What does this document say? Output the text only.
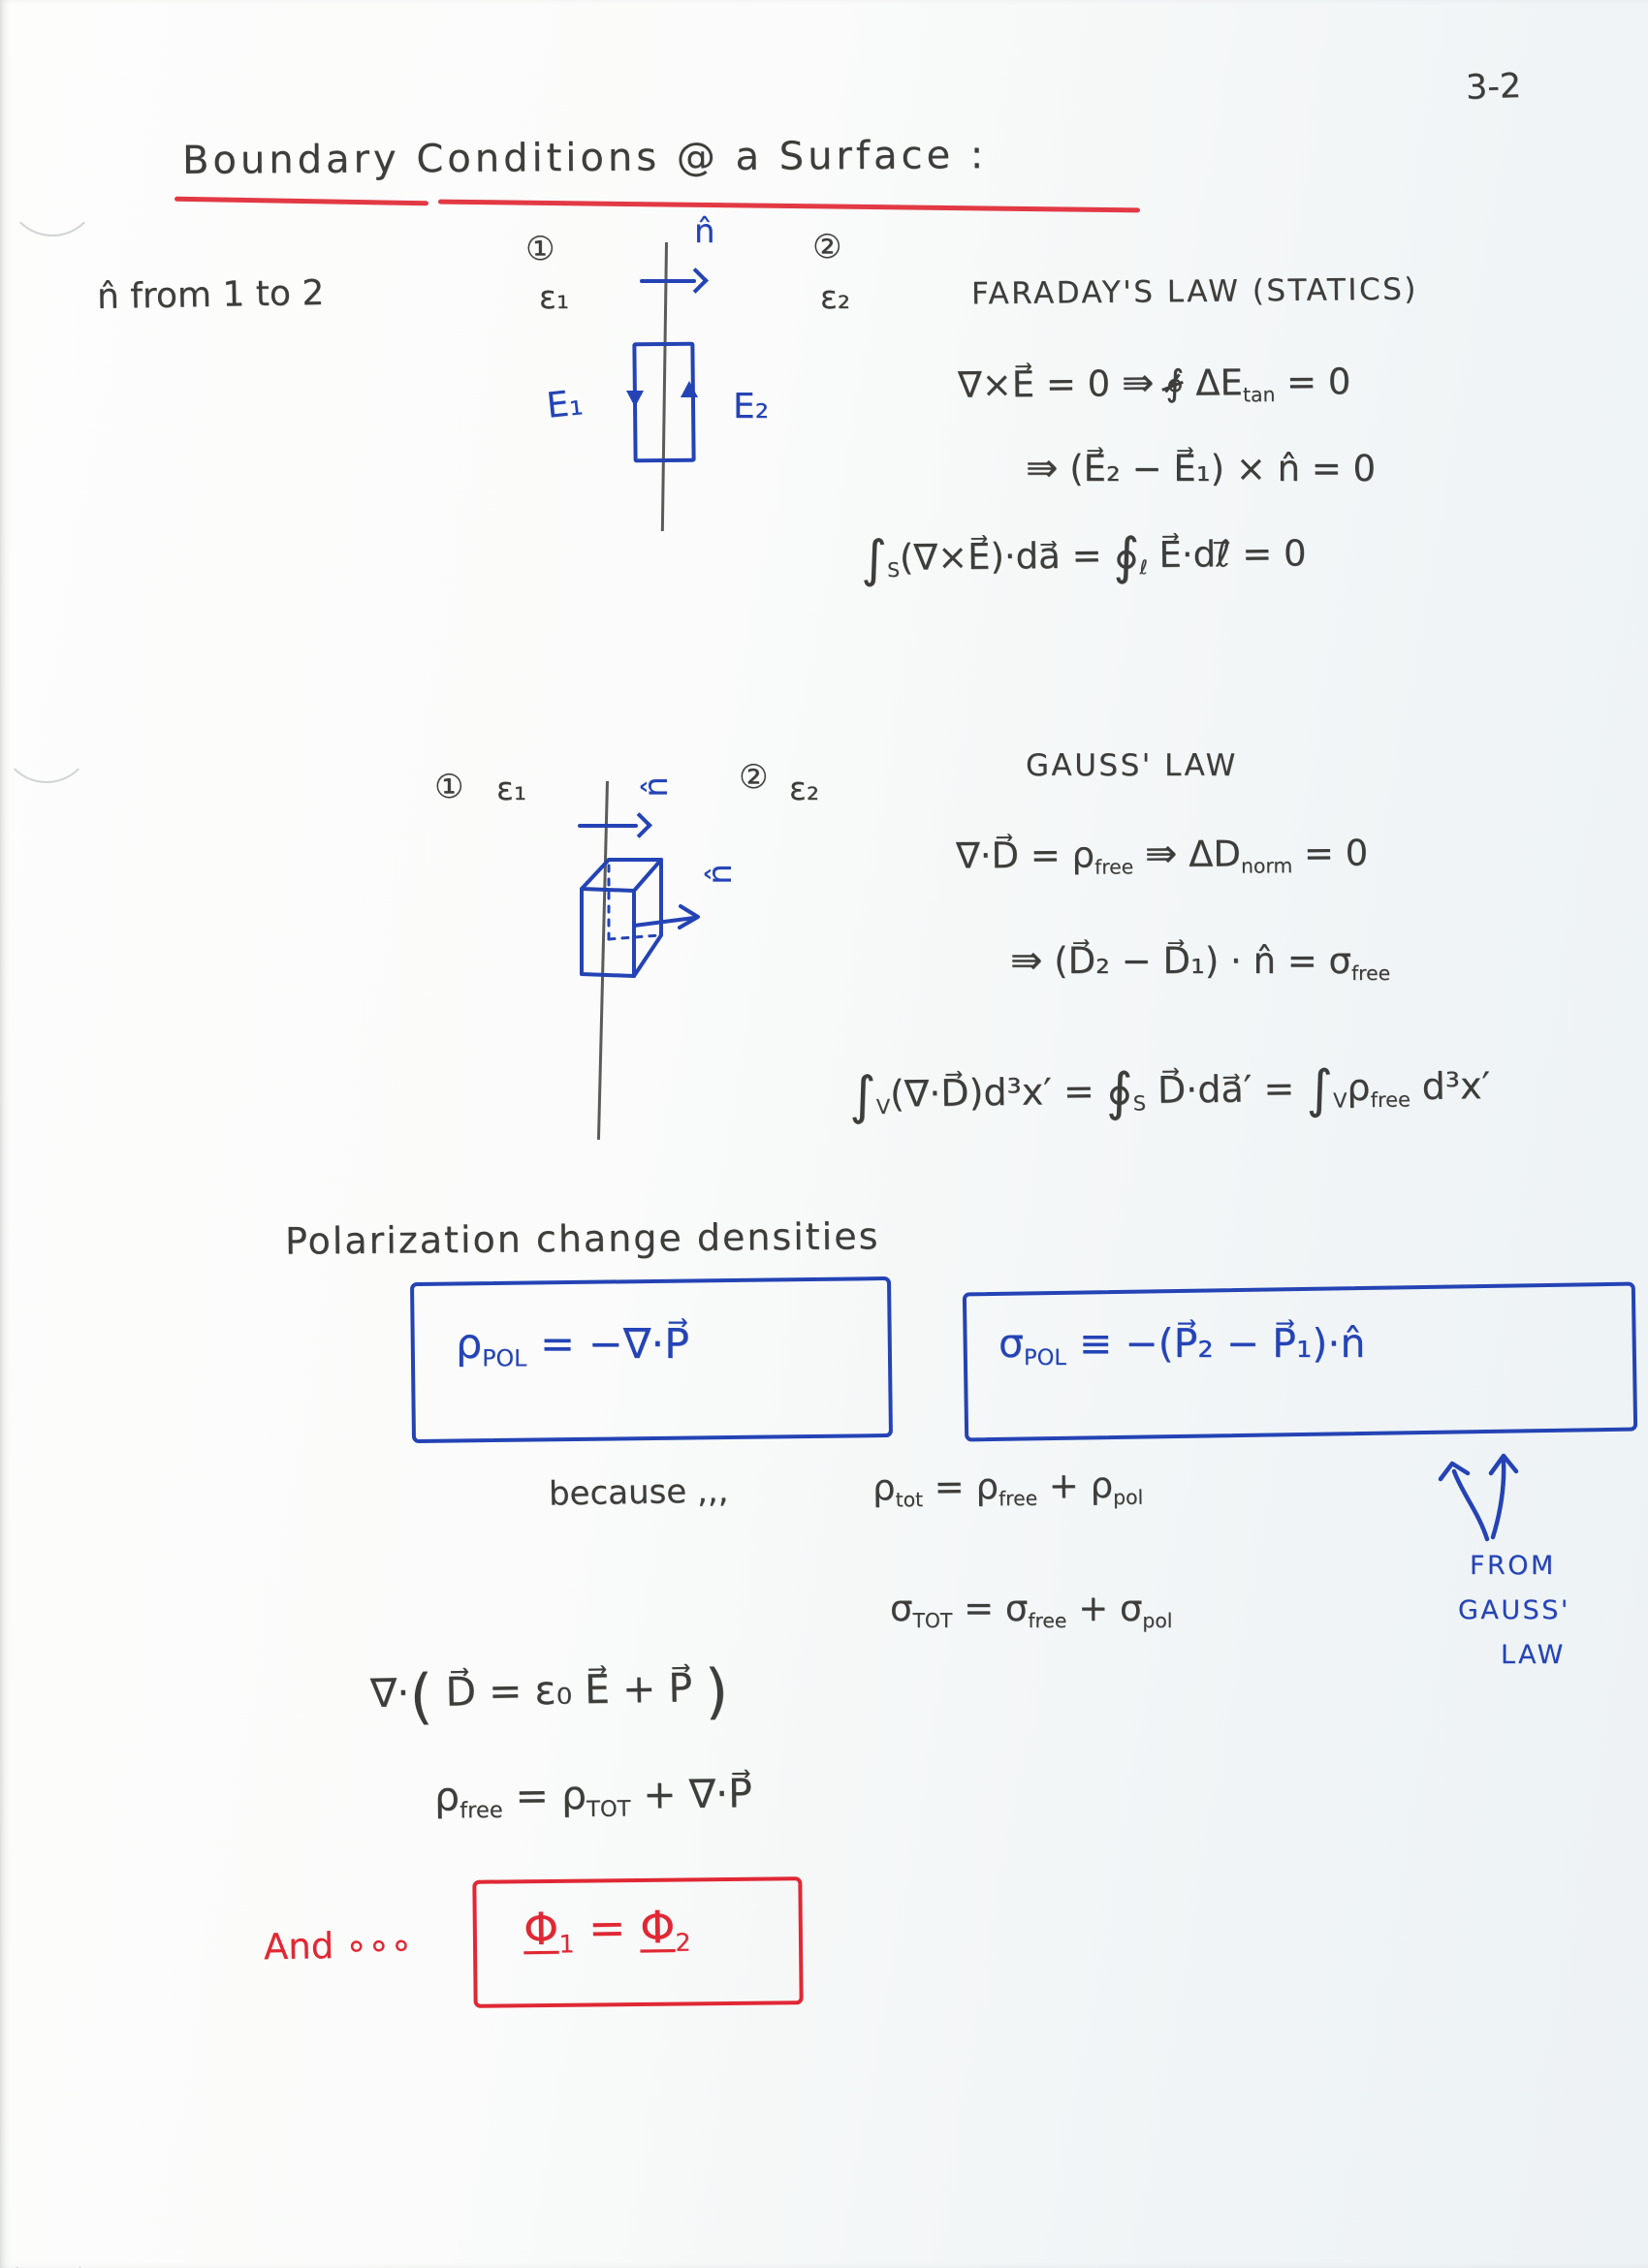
3-2
Boundary Conditions @ a Surface :
n̂ from 1 to 2
①
ε₁
②
ε₂
n̂
E₁	E₂
FARADAY'S LAW (STATICS)
∇×E⃗ = 0 ⇛ ∮ $\Delta E_{tan} = 0$
⇛ (E⃗₂ − E⃗₁) × n̂ = 0
$\int_S(\nabla\times E⃗)\cdot da⃗$ = $∮_\ell$ E⃗·dℓ⃗ = 0
① ε₁	n̂
n̂
② ε₂
GAUSS' LAW
∇·D⃗ = $\rho_{free}$ ⇛ $\Delta D_{norm} = 0$
⇛ (D⃗₂ − D⃗₁) · n̂ = $\sigma_{free}$
$\int_V(\nabla\cdot D⃗)d^3x'$ = $∮_S$ D⃗·da⃗′ = $\int_V\rho_{free}$ d³x′
Polarization change densities
$\rho_{POL}$ = −∇·P⃗	$\sigma_{POL}$ ≡ −(P⃗₂ − P⃗₁)·n̂
because ,,,	$\rho_{tot} = \rho_{free} + \rho_{pol}$
$\sigma_{TOT} = \sigma_{free} + \sigma_{pol}$
FROM
GAUSS'
LAW
∇·( D⃗ = ε₀ E⃗ + P⃗ )
$\rho_{free} = \rho_{TOT}$ + ∇·P⃗
And ∘∘∘ $\Phi_1 = \Phi_2$
